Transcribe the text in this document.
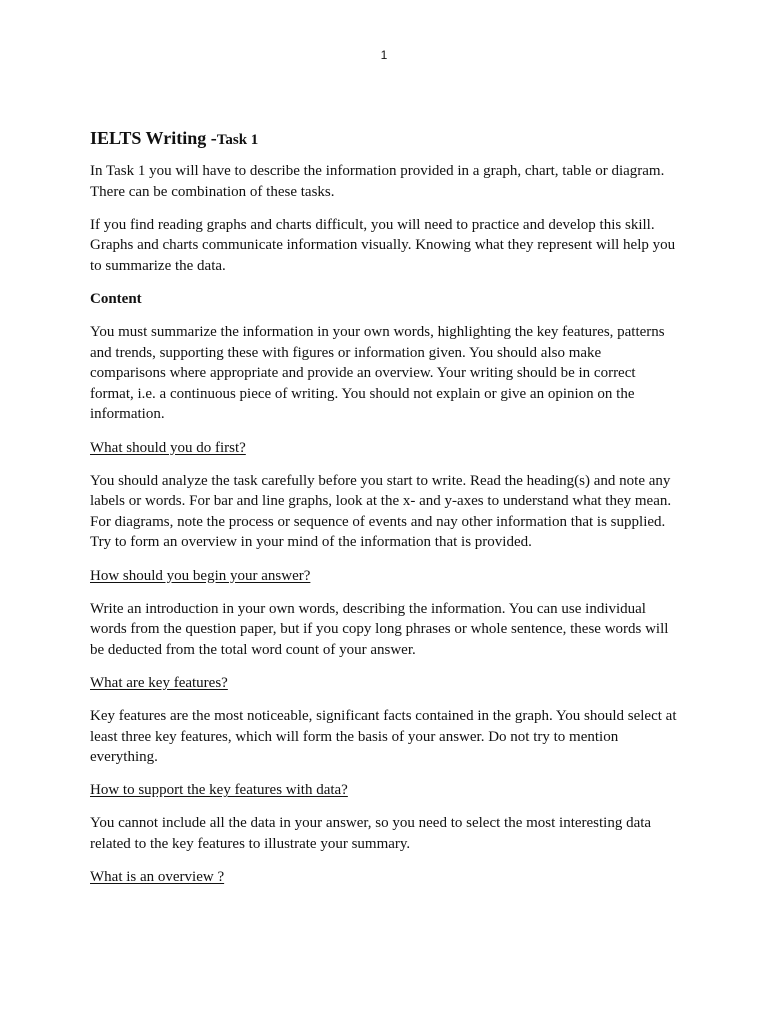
1
IELTS Writing -Task 1

In Task 1 you will have to describe the information provided in a graph, chart, table or diagram. There can be combination of these tasks.

If you find reading graphs and charts difficult, you will need to practice and develop this skill. Graphs and charts communicate information visually. Knowing what they represent will help you to summarize the data.

Content

You must summarize the information in your own words, highlighting the key features, patterns and trends, supporting these with figures or information given. You should also make comparisons where appropriate and provide an overview. Your writing should be in correct format, i.e. a continuous piece of writing. You should not explain or give an opinion on the information.

What should you do first?

You should analyze the task carefully before you start to write. Read the heading(s) and note any labels or words. For bar and line graphs, look at the x- and y-axes to understand what they mean. For diagrams, note the process or sequence of events and nay other information that is supplied. Try to form an overview in your mind of the information that is provided.

How should you begin your answer?

Write an introduction in your own words, describing the information. You can use individual words from the question paper, but if you copy long phrases or whole sentence, these words will be deducted from the total word count of your answer.

What are key features?

Key features are the most noticeable, significant facts contained in the graph. You should select at least three key features, which will form the basis of your answer. Do not try to mention everything.

How to support the key features with data?

You cannot include all the data in your answer, so you need to select the most interesting data related to the key features to illustrate your summary.

What is an overview ?
